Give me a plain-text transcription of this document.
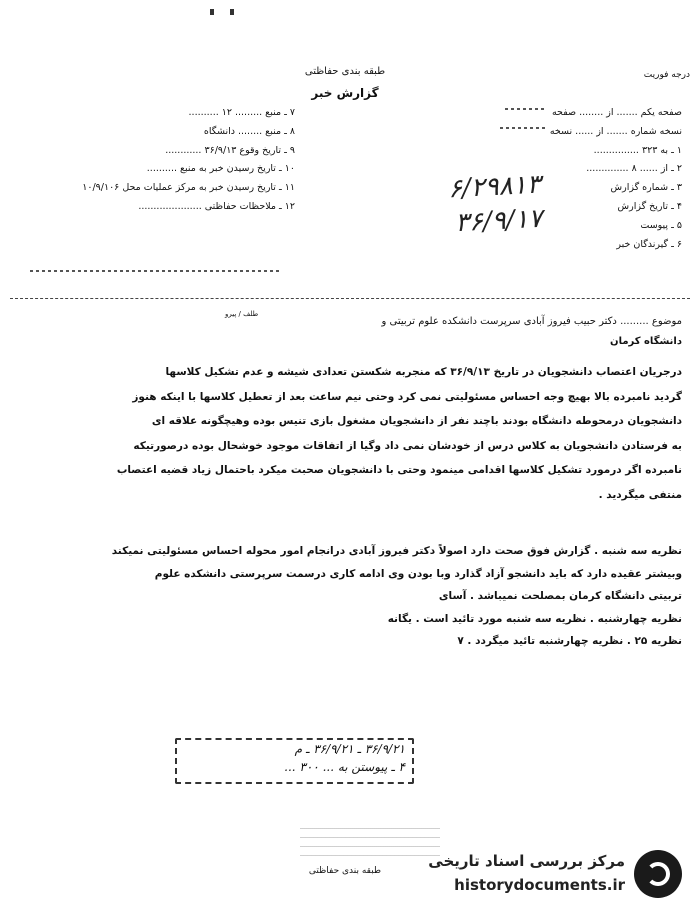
طبقه بندی حفاظتی
گزارش خبر
درجه فوریت
صفحه یکم ....... از ........ صفحه
نسخه شماره ....... از ...... نسخه
۱ ـ به ۳۲۳ ...............
۲ ـ از ...... ۸ ..............
۳ ـ شماره گزارش
۴ ـ تاریخ گزارش
۵ ـ پیوست
۶ ـ گیرندگان خبر
۷ ـ منبع ......... ۱۲ ..........
۸ ـ منبع ........ دانشگاه
۹ ـ تاریخ وقوع ۳۶/۹/۱۳ ............
۱۰ ـ تاریخ رسیدن خبر به منبع ..........
۱۱ ـ تاریخ رسیدن خبر به مرکز عملیات محل ۱۰/۹/۱۰۶
۱۲ ـ ملاحظات حفاظتی .....................
۶/۲۹۸۱۳
۳۶/۹/۱۷
موضوع ......... دکتر حبیب فیروز آبادی سرپرست دانشکده علوم تربیتی و
طلف / پیرو
دانشگاه کرمان
درجریان اعتصاب دانشجویان در تاریخ ۳۶/۹/۱۳ که منجربه شکستن تعدادی شیشه و عدم تشکیل کلاسها
گردید نامبرده بالا بهیچ وجه احساس مسئولیتی نمی کرد وحتی نیم ساعت بعد از تعطیل کلاسها با اینکه هنوز
دانشجویان درمحوطه دانشگاه بودند باچند نفر از دانشجویان مشغول بازی تنیس بوده وهیچگونه علاقه ای
به فرستادن دانشجویان به کلاس درس از خودشان نمی داد وگیا از اتفاقات موجود خوشحال بوده درصورتیکه
نامبرده اگر درمورد تشکیل کلاسها اقدامی مینمود وحتی با دانشجویان صحبت میکرد باحتمال زیاد قضیه اعتصاب
منتفی میگردید .
نظریه سه شنبه . گزارش فوق صحت دارد اصولاً دکتر فیروز آبادی درانجام امور محوله احساس مسئولیتی نمیکند
وبیشتر عقیده دارد که باید دانشجو آزاد گذارد وبا بودن وی ادامه کاری درسمت سرپرستی دانشکده علوم
تربیتی دانشگاه کرمان بمصلحت نمیباشد . آسای
نظریه چهارشنبه . نظریه سه شنبه مورد تائید است . یگانه
نظریه ۲۵ . نظریه چهارشنبه تائید میگردد . ۷
۳۶/۹/۲۱ ـ ۳۶/۹/۲۱ ـ م
۴ ـ پیوستن به ... ۳۰۰ ...
طبقه بندی حفاظتی
مرکز بررسی اسناد تاریخی
historydocuments.ir
